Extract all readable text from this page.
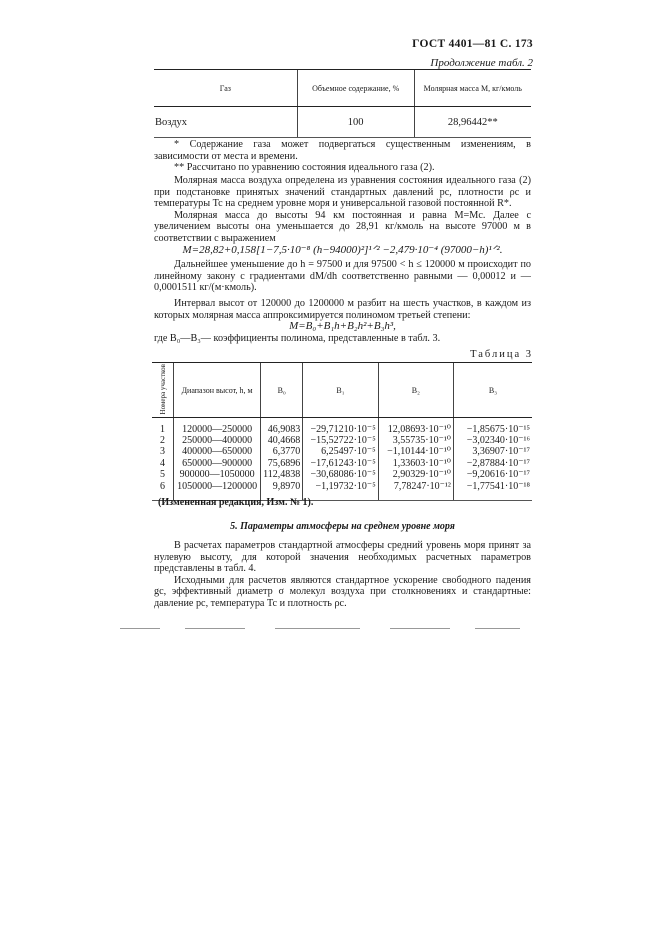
ГОСТ 4401—81 С. 173
Продолжение табл. 2
Газ	Объемное содержание, %	Молярная масса M, кг/кмоль
Воздух	100	28,96442**

* Содержание газа может подвергаться существенным изменениям, в зависимости от места и времени.

** Рассчитано по уравнению состояния идеального газа (2).

Молярная масса воздуха определена из уравнения состояния идеального газа (2) при подстановке принятых значений стандартных давлений pc, плотности ρc и температуры Tc на среднем уровне моря и универсальной газовой постоянной R*.

Молярная масса до высоты 94 км постоянная и равна M=Mc. Далее с увеличением высоты она уменьшается до 28,91 кг/кмоль на высоте 97000 м в соответствии с выражением

M=28,82+0,158[1−7,5·10⁻⁸ (h−94000)²]¹ᐟ² −2,479·10⁻⁴ (97000−h)¹ᐟ².

Дальнейшее уменьшение до h = 97500 и для 97500 < h ≤ 120000 м происходит по линейному закону с градиентами dM/dh соответственно равными — 0,00012 и —0,0001511 кг/(м·кмоль).

Интервал высот от 120000 до 1200000 м разбит на шесть участков, в каждом из которых молярная масса аппроксимируется полиномом третьей степени:

M=B₀+B₁h+B₂h²+B₃h³,

где B₀—B₃— коэффициенты полинома, представленные в табл. 3.

Таблица 3
Номера участков	Диапазон высот, h, м	B₀	B₁	B₂	B₃
1	120000—250000	46,9083	−29,71210·10⁻⁵	12,08693·10⁻¹⁰	−1,85675·10⁻¹⁵
2	250000—400000	40,4668	−15,52722·10⁻⁵	3,55735·10⁻¹⁰	−3,02340·10⁻¹⁶
3	400000—650000	6,3770	6,25497·10⁻⁵	−1,10144·10⁻¹⁰	3,36907·10⁻¹⁷
4	650000—900000	75,6896	−17,61243·10⁻⁵	1,33603·10⁻¹⁰	−2,87884·10⁻¹⁷
5	900000—1050000	112,4838	−30,68086·10⁻⁵	2,90329·10⁻¹⁰	−9,20616·10⁻¹⁷
6	1050000—1200000	9,8970	−1,19732·10⁻⁵	7,78247·10⁻¹²	−1,77541·10⁻¹⁸
(Измененная редакция, Изм. № 1).
5. Параметры атмосферы на среднем уровне моря

В расчетах параметров стандартной атмосферы средний уровень моря принят за нулевую высоту, для которой значения необходимых расчетных параметров представлены в табл. 4.

Исходными для расчетов являются стандартное ускорение свободного падения gc, эффективный диаметр σ молекул воздуха при столкновениях и стандартные: давление pc, температура Tc и плотность ρc.
